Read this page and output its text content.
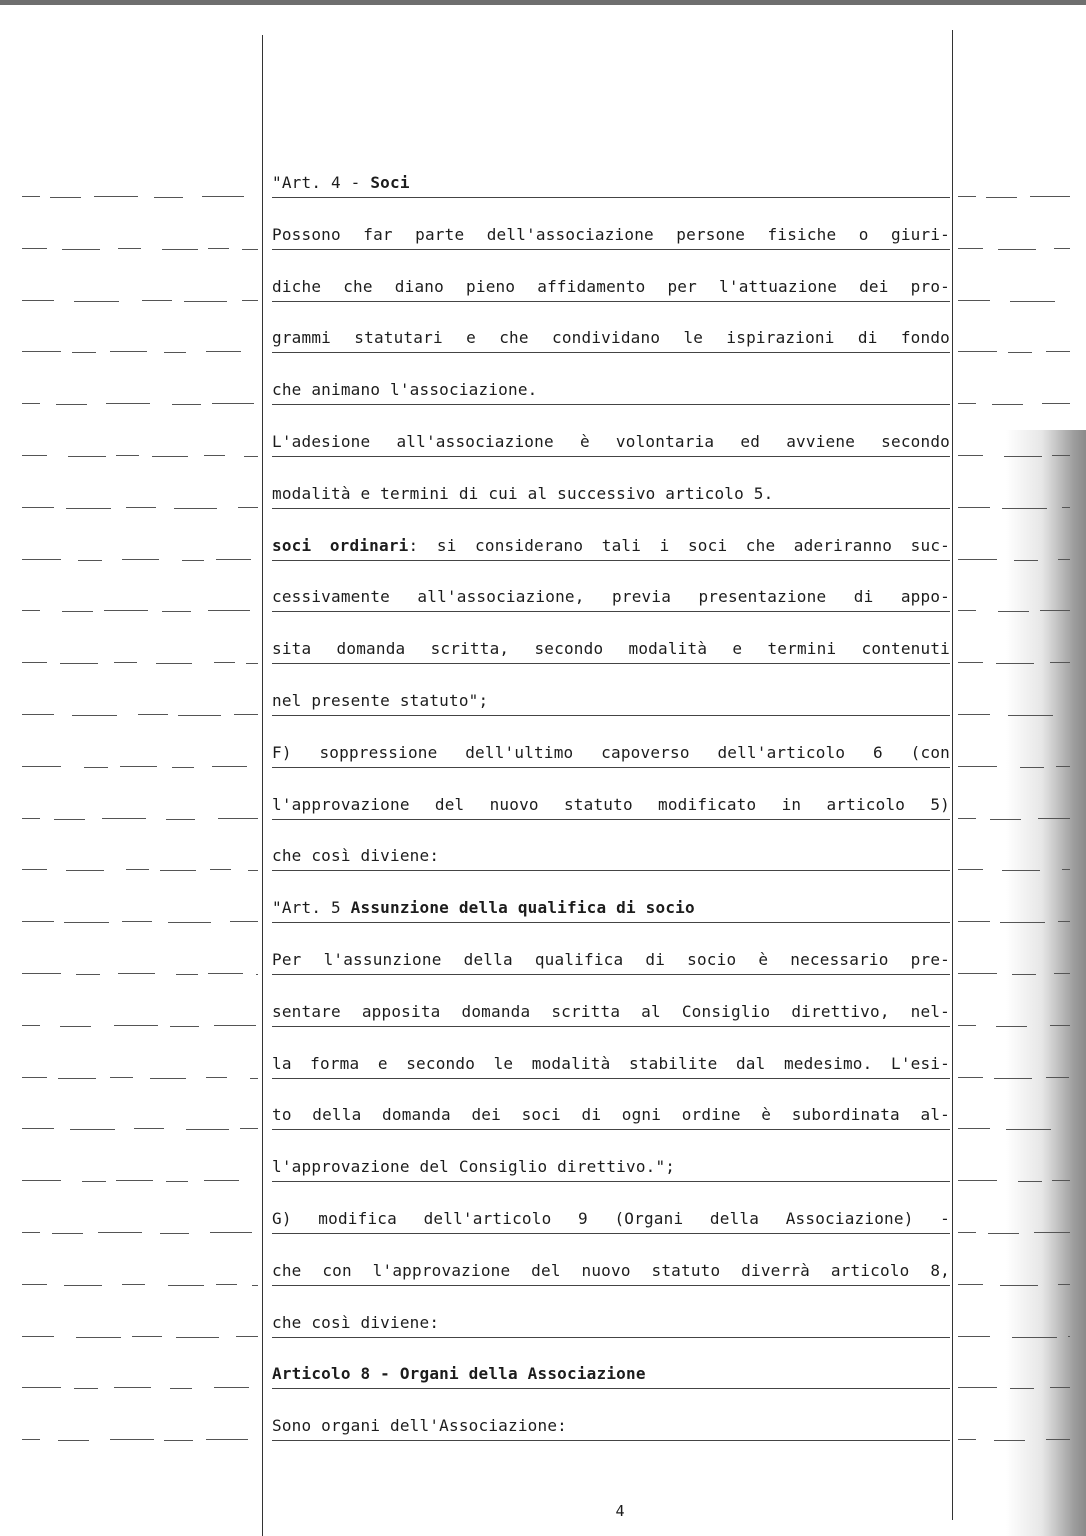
"Art. 4 - Soci
Possono far parte dell'associazione persone fisiche o giuri-
diche che diano pieno affidamento per l'attuazione dei pro-
grammi statutari e che condividano le ispirazioni di fondo
che animano l'associazione.
L'adesione all'associazione è volontaria ed avviene secondo
modalità e termini di cui al successivo articolo 5.
soci ordinari: si considerano tali i soci che aderiranno suc-
cessivamente all'associazione, previa presentazione di appo-
sita domanda scritta, secondo modalità e termini contenuti
nel presente statuto";
F) soppressione dell'ultimo capoverso dell'articolo 6 (con
l'approvazione del nuovo statuto modificato in articolo 5)
che così diviene:
"Art. 5 Assunzione della qualifica di socio
Per l'assunzione della qualifica di socio è necessario pre-
sentare apposita domanda scritta al Consiglio direttivo, nel-
la forma e secondo le modalità stabilite dal medesimo. L'esi-
to della domanda dei soci di ogni ordine è subordinata al-
l'approvazione del Consiglio direttivo.";
G) modifica dell'articolo 9 (Organi della Associazione) -
che con l'approvazione del nuovo statuto diverrà articolo 8,
che così diviene:
Articolo 8 - Organi della Associazione
Sono organi dell'Associazione:
4
